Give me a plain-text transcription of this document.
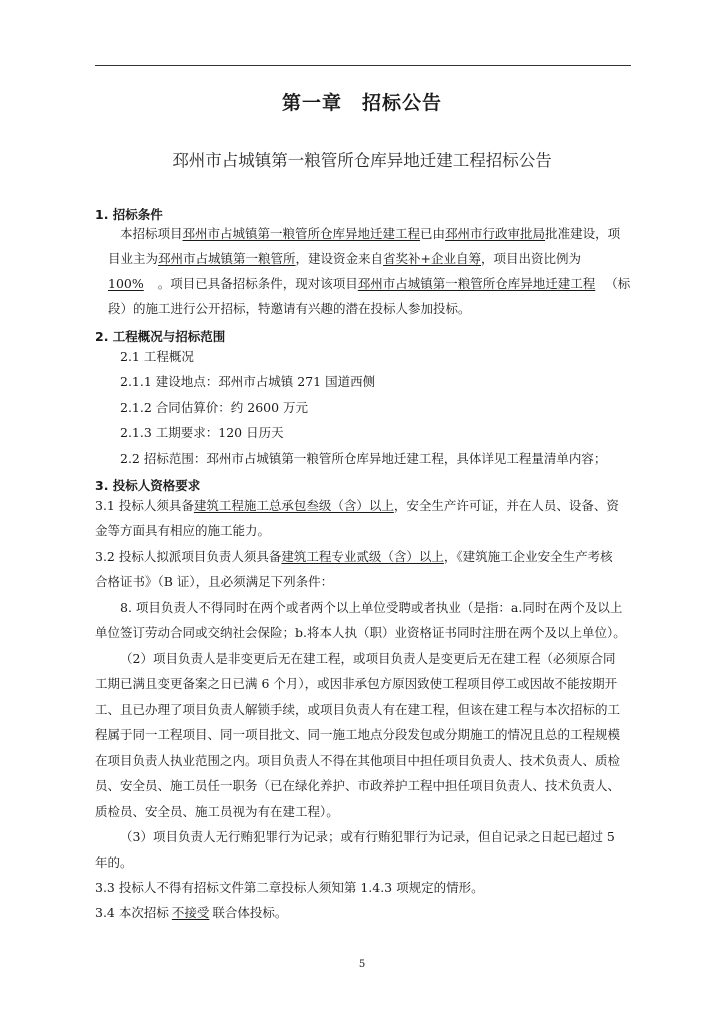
第一章　招标公告
邳州市占城镇第一粮管所仓库异地迁建工程招标公告
1. 招标条件
本招标项目邳州市占城镇第一粮管所仓库异地迁建工程已由邳州市行政审批局批准建设，项
目业主为邳州市占城镇第一粮管所，建设资金来自省奖补+企业自筹，项目出资比例为
100% 。项目已具备招标条件，现对该项目邳州市占城镇第一粮管所仓库异地迁建工程 （标
段）的施工进行公开招标，特邀请有兴趣的潜在投标人参加投标。
2. 工程概况与招标范围
2.1 工程概况
2.1.1 建设地点：邳州市占城镇 271 国道西侧
2.1.2 合同估算价：约 2600 万元
2.1.3 工期要求：120 日历天
2.2 招标范围：邳州市占城镇第一粮管所仓库异地迁建工程，具体详见工程量清单内容；
3. 投标人资格要求
3.1 投标人须具备建筑工程施工总承包叁级（含）以上，安全生产许可证，并在人员、设备、资
金等方面具有相应的施工能力。
3.2 投标人拟派项目负责人须具备建筑工程专业贰级（含）以上，《建筑施工企业安全生产考核
合格证书》（B 证），且必须满足下列条件：
8. 项目负责人不得同时在两个或者两个以上单位受聘或者执业（是指：a.同时在两个及以上
单位签订劳动合同或交纳社会保险；b.将本人执（职）业资格证书同时注册在两个及以上单位）。
（2）项目负责人是非变更后无在建工程，或项目负责人是变更后无在建工程（必须原合同
工期已满且变更备案之日已满 6 个月），或因非承包方原因致使工程项目停工或因故不能按期开
工、且已办理了项目负责人解锁手续，或项目负责人有在建工程，但该在建工程与本次招标的工
程属于同一工程项目、同一项目批文、同一施工地点分段发包或分期施工的情况且总的工程规模
在项目负责人执业范围之内。项目负责人不得在其他项目中担任项目负责人、技术负责人、质检
员、安全员、施工员任一职务（已在绿化养护、市政养护工程中担任项目负责人、技术负责人、
质检员、安全员、施工员视为有在建工程）。
（3）项目负责人无行贿犯罪行为记录；或有行贿犯罪行为记录，但自记录之日起已超过 5
年的。
3.3 投标人不得有招标文件第二章投标人须知第 1.4.3 项规定的情形。
3.4 本次招标 不接受 联合体投标。
5
